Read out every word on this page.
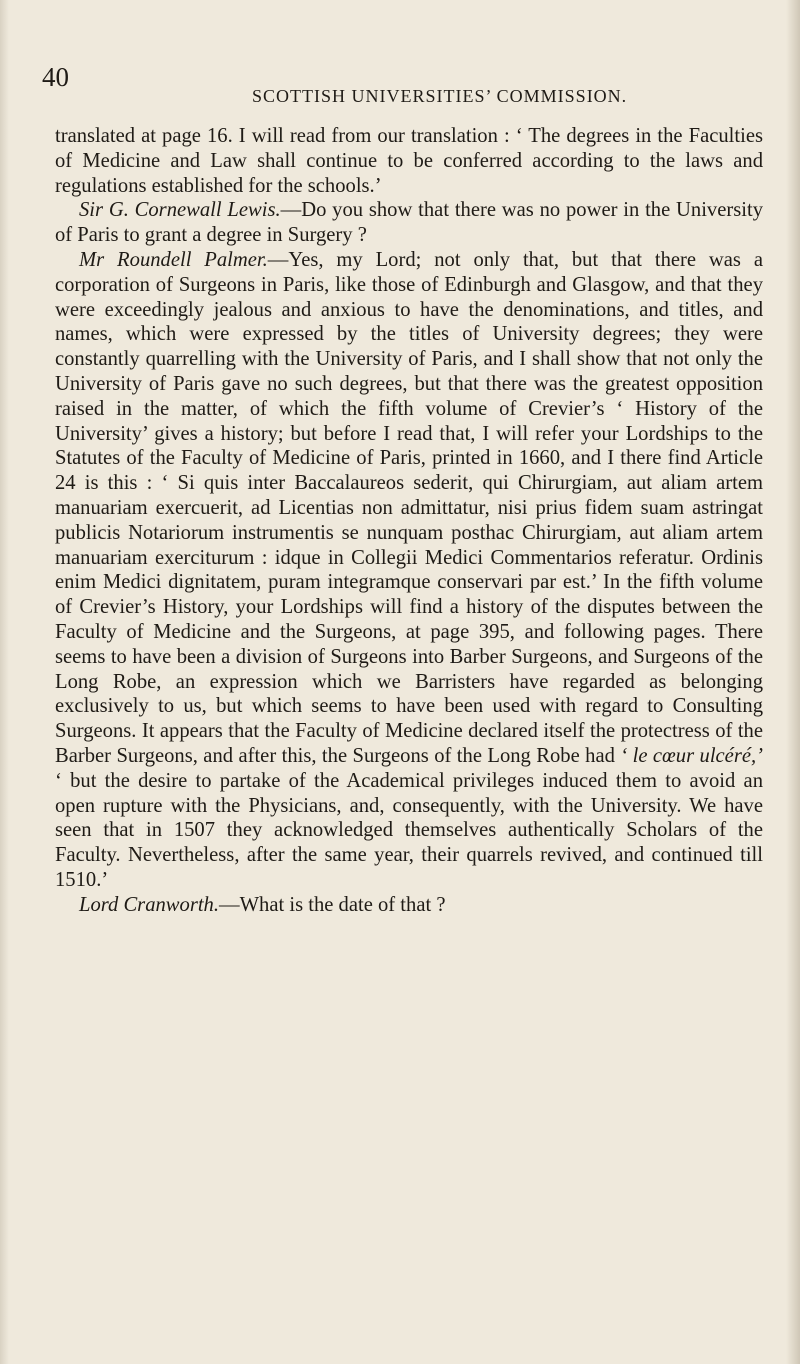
40
SCOTTISH UNIVERSITIES’ COMMISSION.

translated at page 16. I will read from our translation : ‘ The degrees in the Faculties of Medicine and Law shall continue to be conferred according to the laws and regulations established for the schools.’

Sir G. Cornewall Lewis.—Do you show that there was no power in the University of Paris to grant a degree in Surgery ?

Mr Roundell Palmer.—Yes, my Lord; not only that, but that there was a corporation of Surgeons in Paris, like those of Edinburgh and Glasgow, and that they were exceedingly jealous and anxious to have the denominations, and titles, and names, which were expressed by the titles of University degrees; they were constantly quarrelling with the University of Paris, and I shall show that not only the University of Paris gave no such degrees, but that there was the greatest opposition raised in the matter, of which the fifth volume of Crevier’s ‘ History of the University’ gives a history; but before I read that, I will refer your Lordships to the Statutes of the Faculty of Medicine of Paris, printed in 1660, and I there find Article 24 is this : ‘ Si quis inter Baccalaureos sederit, qui Chirurgiam, aut aliam artem manuariam exercuerit, ad Licentias non admittatur, nisi prius fidem suam astringat publicis Notariorum instrumentis se nunquam posthac Chirurgiam, aut aliam artem manuariam exerciturum : idque in Collegii Medici Commentarios referatur. Ordinis enim Medici dignitatem, puram integramque conservari par est.’ In the fifth volume of Crevier’s History, your Lordships will find a history of the disputes between the Faculty of Medicine and the Surgeons, at page 395, and following pages. There seems to have been a division of Surgeons into Barber Surgeons, and Surgeons of the Long Robe, an expression which we Barristers have regarded as belonging exclusively to us, but which seems to have been used with regard to Consulting Surgeons. It appears that the Faculty of Medicine declared itself the protectress of the Barber Surgeons, and after this, the Surgeons of the Long Robe had ‘ le cœur ulcéré,’ ‘ but the desire to partake of the Academical privileges induced them to avoid an open rupture with the Physicians, and, consequently, with the University. We have seen that in 1507 they acknowledged themselves authentically Scholars of the Faculty. Nevertheless, after the same year, their quarrels revived, and continued till 1510.’

Lord Cranworth.—What is the date of that ?
